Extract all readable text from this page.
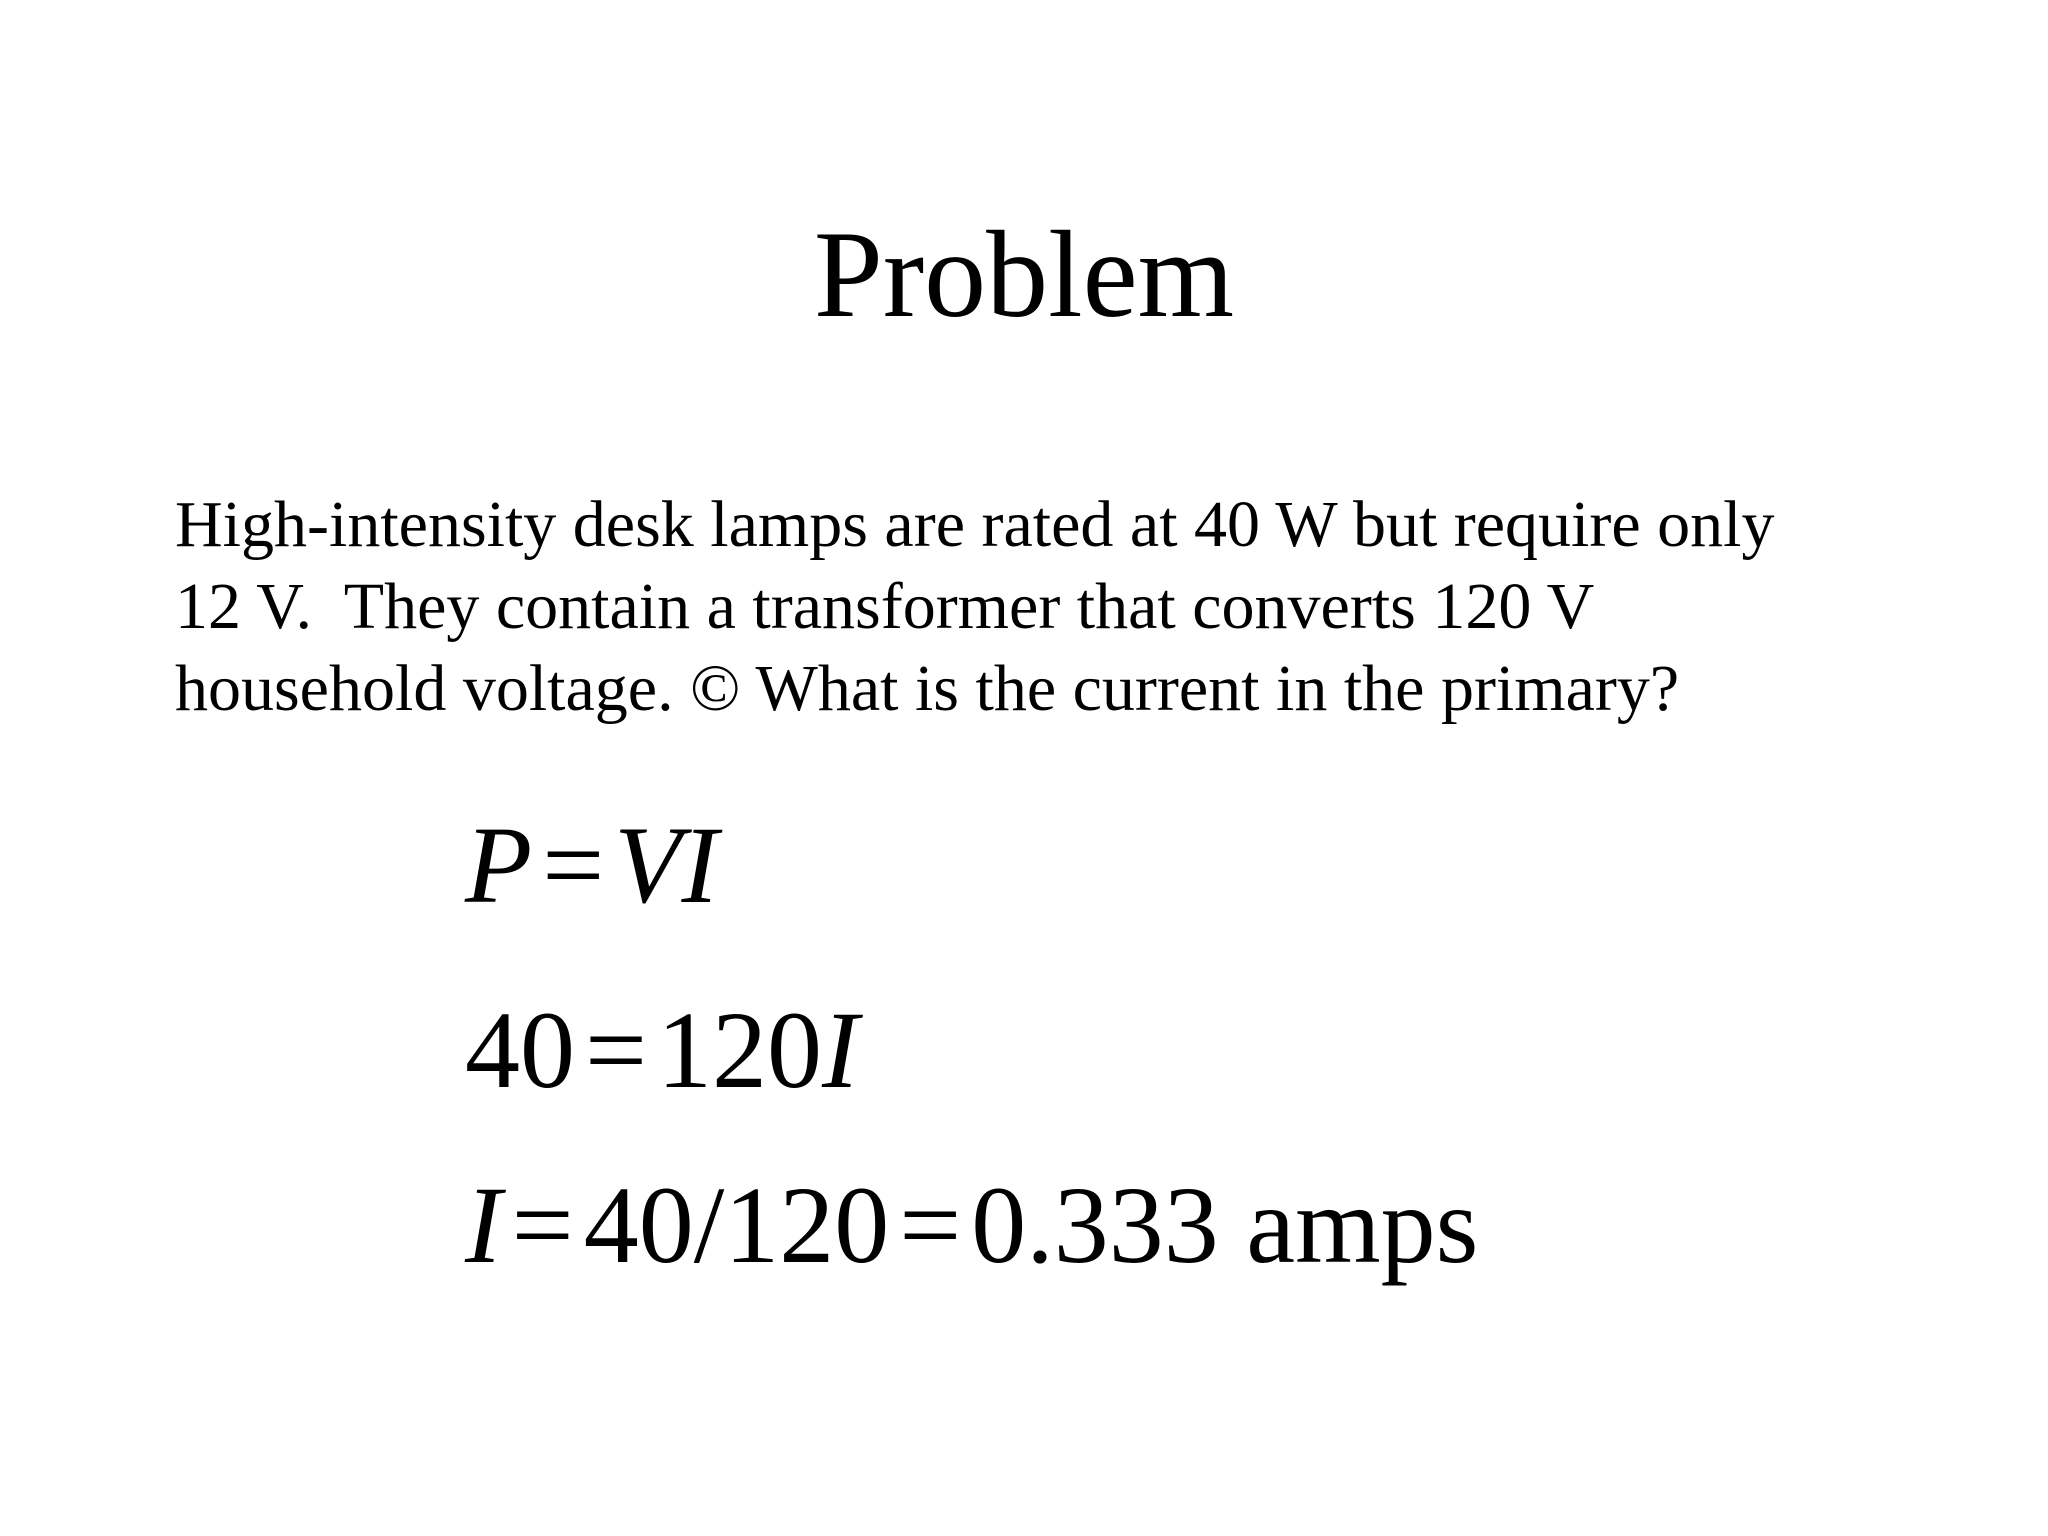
Problem
High-intensity desk lamps are rated at 40 W but require only
12 V.  They contain a transformer that converts 120 V
household voltage. © What is the current in the primary?
P=VI
40=120I
I=40/120=0.333 amps
